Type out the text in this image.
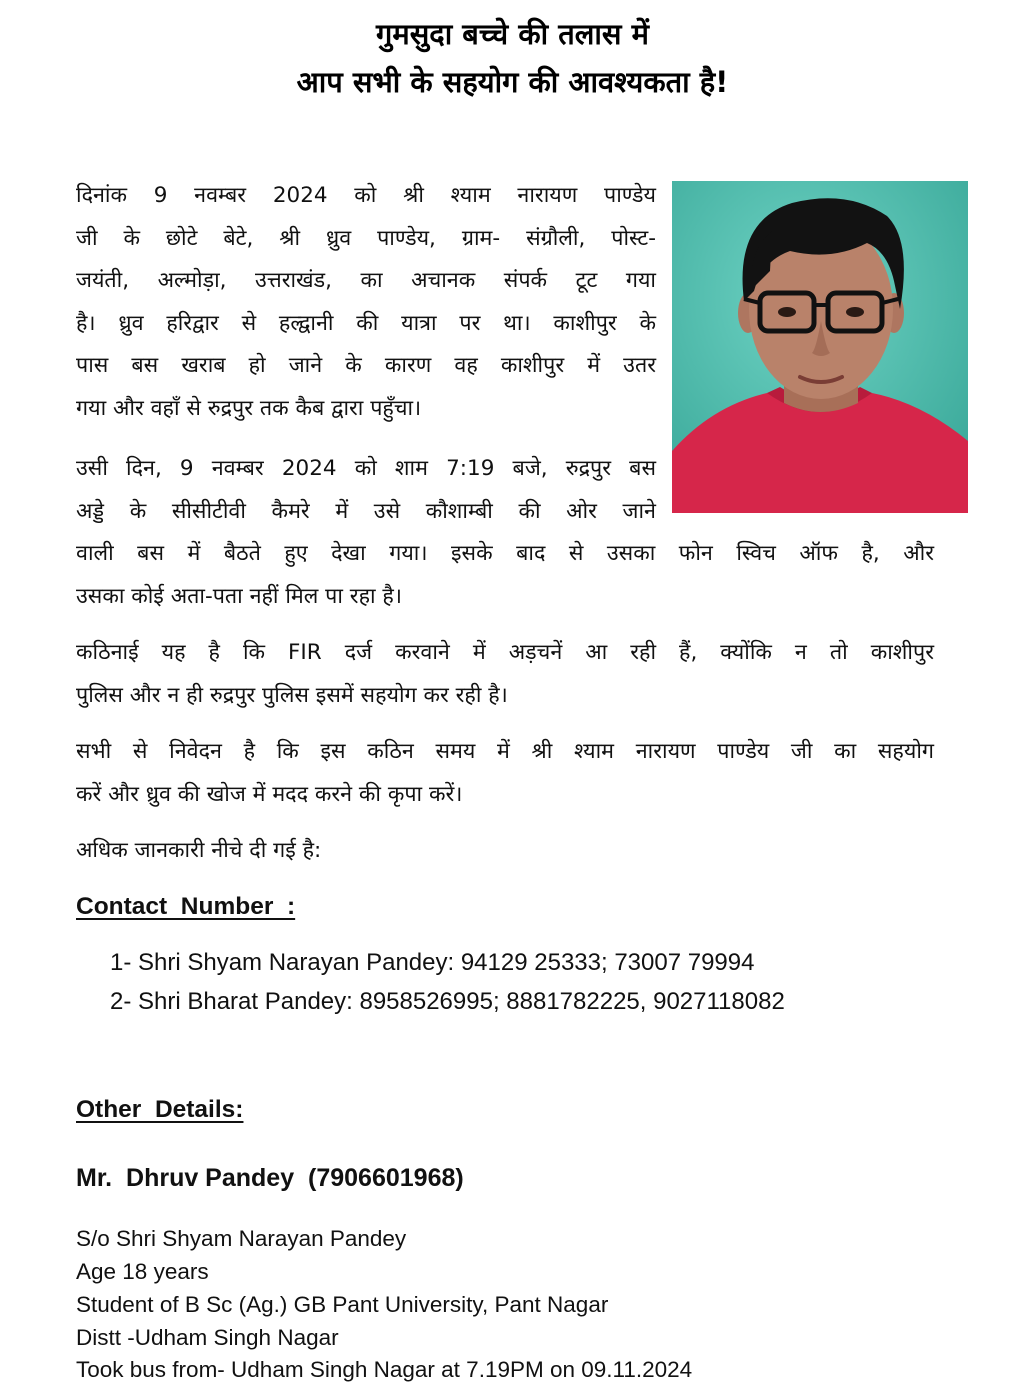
गुमसुदा बच्चे की तलास में
आप सभी के सहयोग की आवश्यकता है!
दिनांक 9 नवम्बर 2024 को श्री श्याम नारायण पाण्डेय
जी के छोटे बेटे, श्री ध्रुव पाण्डेय, ग्राम- संग्रौली, पोस्ट-
जयंती, अल्मोड़ा, उत्तराखंड, का अचानक संपर्क टूट गया
है। ध्रुव हरिद्वार से हल्द्वानी की यात्रा पर था। काशीपुर के
पास बस खराब हो जाने के कारण वह काशीपुर में उतर
गया और वहाँ से रुद्रपुर तक कैब द्वारा पहुँचा।
उसी दिन, 9 नवम्बर 2024 को शाम 7:19 बजे, रुद्रपुर बस
अड्डे के सीसीटीवी कैमरे में उसे कौशाम्बी की ओर जाने
वाली बस में बैठते हुए देखा गया। इसके बाद से उसका फोन स्विच ऑफ है, और
उसका कोई अता-पता नहीं मिल पा रहा है।
कठिनाई यह है कि FIR दर्ज करवाने में अड़चनें आ रही हैं, क्योंकि न तो काशीपुर
पुलिस और न ही रुद्रपुर पुलिस इसमें सहयोग कर रही है।
सभी से निवेदन है कि इस कठिन समय में श्री श्याम नारायण पाण्डेय जी का सहयोग
करें और ध्रुव की खोज में मदद करने की कृपा करें।
अधिक जानकारी नीचे दी गई है:
Contact  Number  :
1- Shri Shyam Narayan Pandey: 94129 25333; 73007 79994
2- Shri Bharat Pandey: 8958526995; 8881782225, 9027118082
Other  Details:
Mr.  Dhruv Pandey  (7906601968)
S/o Shri Shyam Narayan Pandey
Age 18 years
Student of B Sc (Ag.) GB Pant University, Pant Nagar
Distt -Udham Singh Nagar
Took bus from- Udham Singh Nagar at 7.19PM on 09.11.2024
